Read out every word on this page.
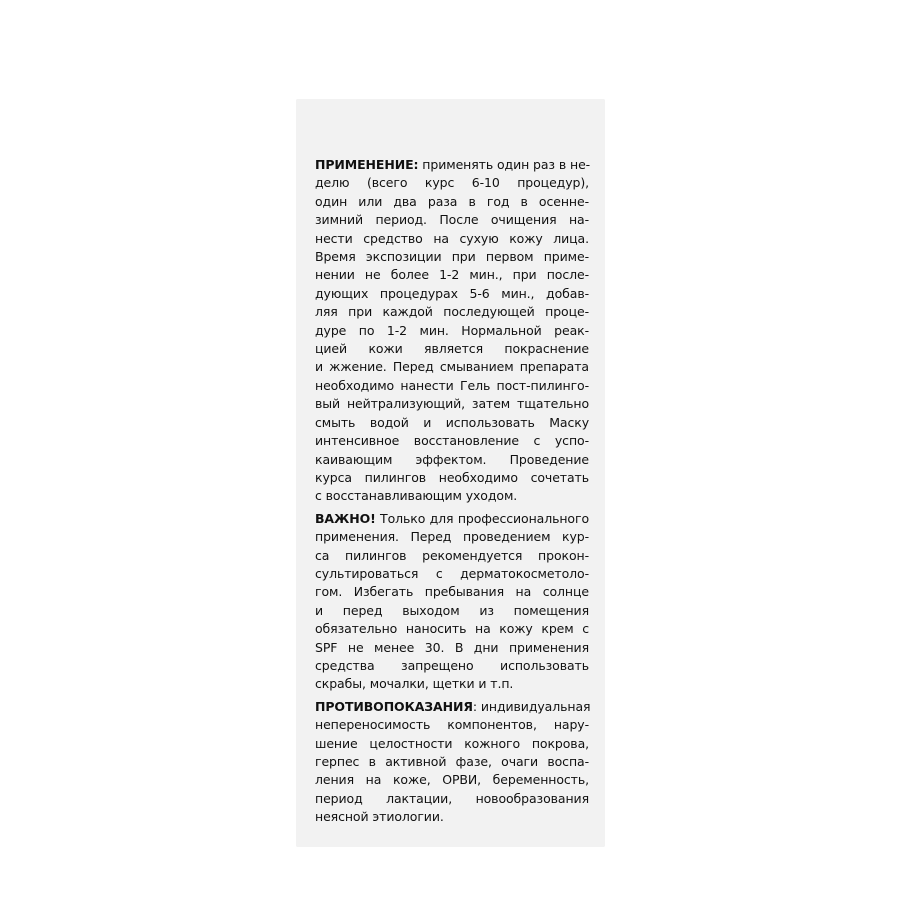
ПРИМЕНЕНИЕ: применять один раз в не-
делю (всего курс 6-10 процедур),
один или два раза в год в осенне-
зимний период. После очищения на-
нести средство на сухую кожу лица.
Время экспозиции при первом приме-
нении не более 1-2 мин., при после-
дующих процедурах 5-6 мин., добав-
ляя при каждой последующей проце-
дуре по 1-2 мин. Нормальной реак-
цией кожи является покраснение
и жжение. Перед смыванием препарата
необходимо нанести Гель пост-пилинго-
вый нейтрализующий, затем тщательно
смыть водой и использовать Маску
интенсивное восстановление с успо-
каивающим эффектом. Проведение
курса пилингов необходимо сочетать
с восстанавливающим уходом.

ВАЖНО! Только для профессионального
применения. Перед проведением кур-
са пилингов рекомендуется прокон-
сультироваться с дерматокосметоло-
гом. Избегать пребывания на солнце
и перед выходом из помещения
обязательно наносить на кожу крем с
SPF не менее 30. В дни применения
средства запрещено использовать
скрабы, мочалки, щетки и т.п.

ПРОТИВОПОКАЗАНИЯ: индивидуальная
непереносимость компонентов, нару-
шение целостности кожного покрова,
герпес в активной фазе, очаги воспа-
ления на коже, ОРВИ, беременность,
период лактации, новообразования
неясной этиологии.
